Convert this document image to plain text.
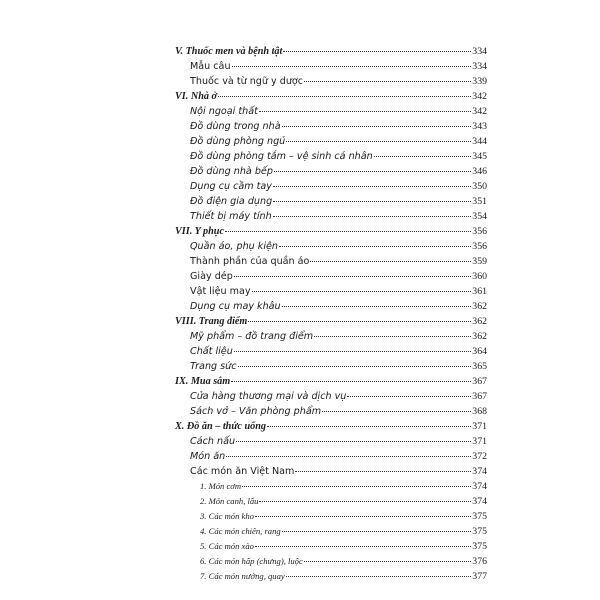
V. Thuốc men và bệnh tật	334
Mẫu câu	334
Thuốc và từ ngữ y dược	339
VI. Nhà ở	342
Nội ngoại thất	342
Đồ dùng trong nhà	343
Đồ dùng phòng ngủ	344
Đồ dùng phòng tắm – vệ sinh cá nhân	345
Đồ dùng nhà bếp	346
Dụng cụ cầm tay	350
Đồ điện gia dụng	351
Thiết bị máy tính	354
VII. Y phục	356
Quần áo, phụ kiện	356
Thành phần của quần áo	359
Giày dép	360
Vật liệu may	361
Dụng cụ may khâu	362
VIII. Trang điểm	362
Mỹ phẩm – đồ trang điểm	362
Chất liệu	364
Trang sức	365
IX. Mua sắm	367
Cửa hàng thương mại và dịch vụ	367
Sách vở – Văn phòng phẩm	368
X. Đồ ăn – thức uống	371
Cách nấu	371
Món ăn	372
Các món ăn Việt Nam	374
1. Món cơm	374
2. Món canh, lẩu	374
3. Các món kho	375
4. Các món chiên, rang	375
5. Các món xào	375
6. Các món hấp (chưng), luộc	376
7. Các món nướng, quay	377
